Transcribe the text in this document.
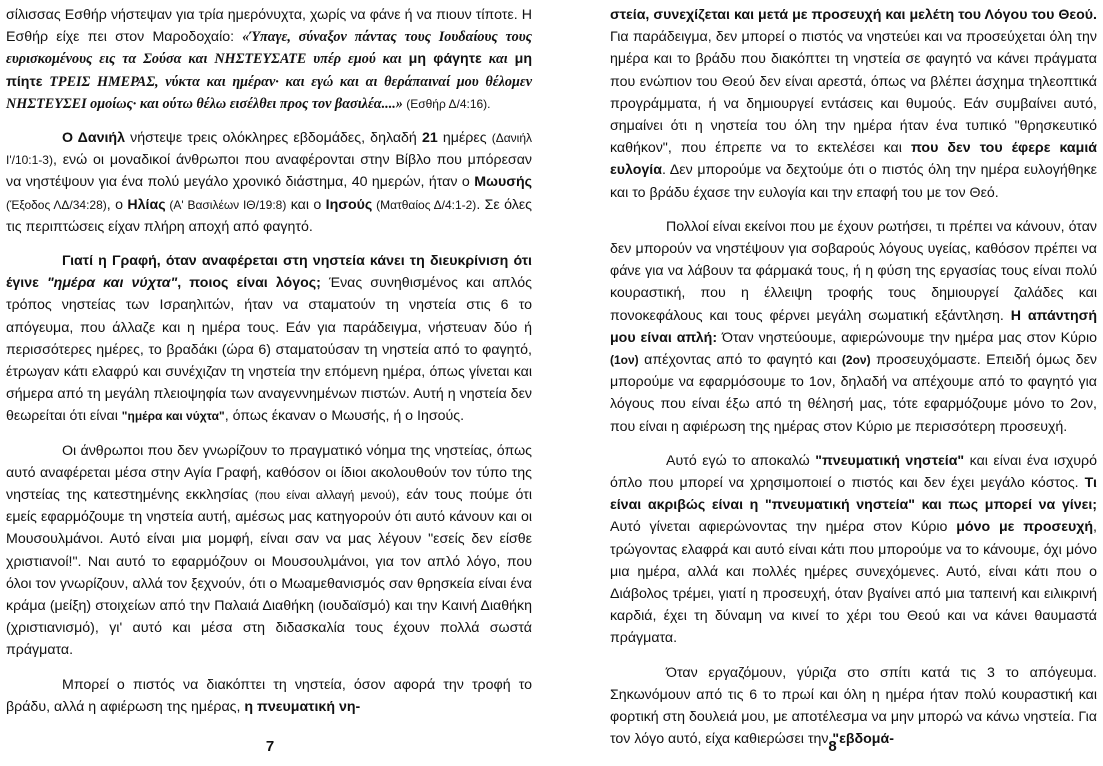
σίλισσας Εσθήρ νήστεψαν για τρία ημερόνυχτα, χωρίς να φάνε ή να πιουν τίποτε. Η Εσθήρ είχε πει στον Μαροδοχαίο: «Ύπαγε, σύναξον πάντας τους Ιουδαίους τους ευρισκομένους εις τα Σούσα και ΝΗΣΤΕΥΣΑΤΕ υπέρ εμού και μη φάγητε και μη πίητε ΤΡΕΙΣ ΗΜΕΡΑΣ, νύκτα και ημέραν· και εγώ και αι θεράπαιναί μου θέλομεν ΝΗΣΤΕΥΣΕΙ ομοίως· και ούτω θέλω εισέλθει προς τον βασιλέα....» (Εσθήρ Δ/4:16).

Ο Δανιήλ νήστεψε τρεις ολόκληρες εβδομάδες, δηλαδή 21 ημέρες (Δανιήλ Ι'/10:1-3), ενώ οι μοναδικοί άνθρωποι που αναφέρονται στην Βίβλο που μπόρεσαν να νηστέψουν για ένα πολύ μεγάλο χρονικό διάστημα, 40 ημερών, ήταν ο Μωυσής (Έξοδος ΛΔ/34:28), ο Ηλίας (Α' Βασιλέων ΙΘ/19:8) και ο Ιησούς (Ματθαίος Δ/4:1-2). Σε όλες τις περιπτώσεις είχαν πλήρη αποχή από φαγητό.

Γιατί η Γραφή, όταν αναφέρεται στη νηστεία κάνει τη διευκρίνιση ότι έγινε "ημέρα και νύχτα", ποιος είναι λόγος; Ένας συνηθισμένος και απλός τρόπος νηστείας των Ισραηλιτών, ήταν να σταματούν τη νηστεία στις 6 το απόγευμα, που άλλαζε και η ημέρα τους. Εάν για παράδειγμα, νήστευαν δύο ή περισσότερες ημέρες, το βραδάκι (ώρα 6) σταματούσαν τη νηστεία από το φαγητό, έτρωγαν κάτι ελαφρύ και συνέχιζαν τη νηστεία την επόμενη ημέρα, όπως γίνεται και σήμερα από τη μεγάλη πλειοψηφία των αναγεννημένων πιστών. Αυτή η νηστεία δεν θεωρείται ότι είναι "ημέρα και νύχτα", όπως έκαναν ο Μωυσής, ή ο Ιησούς.

Οι άνθρωποι που δεν γνωρίζουν το πραγματικό νόημα της νηστείας, όπως αυτό αναφέρεται μέσα στην Αγία Γραφή, καθόσον οι ίδιοι ακολουθούν τον τύπο της νηστείας της κατεστημένης εκκλησίας (που είναι αλλαγή μενού), εάν τους πούμε ότι εμείς εφαρμόζουμε τη νηστεία αυτή, αμέσως μας κατηγορούν ότι αυτό κάνουν και οι Μουσουλμάνοι. Αυτό είναι μια μομφή, είναι σαν να μας λέγουν "εσείς δεν είσθε χριστιανοί!". Ναι αυτό το εφαρμόζουν οι Μουσουλμάνοι, για τον απλό λόγο, που όλοι τον γνωρίζουν, αλλά τον ξεχνούν, ότι ο Μωαμεθανισμός σαν θρησκεία είναι ένα κράμα (μείξη) στοιχείων από την Παλαιά Διαθήκη (ιουδαϊσμό) και την Καινή Διαθήκη (χριστιανισμό), γι' αυτό και μέσα στη διδασκαλία τους έχουν πολλά σωστά πράγματα.

Μπορεί ο πιστός να διακόπτει τη νηστεία, όσον αφορά την τροφή το βράδυ, αλλά η αφιέρωση της ημέρας, η πνευματική νη-

7

στεία, συνεχίζεται και μετά με προσευχή και μελέτη του Λόγου του Θεού. Για παράδειγμα, δεν μπορεί ο πιστός να νηστεύει και να προσεύχεται όλη την ημέρα και το βράδυ που διακόπτει τη νηστεία σε φαγητό να κάνει πράγματα που ενώπιον του Θεού δεν είναι αρεστά, όπως να βλέπει άσχημα τηλεοπτικά προγράμματα, ή να δημιουργεί εντάσεις και θυμούς. Εάν συμβαίνει αυτό, σημαίνει ότι η νηστεία του όλη την ημέρα ήταν ένα τυπικό "θρησκευτικό καθήκον", που έπρεπε να το εκτελέσει και που δεν του έφερε καμιά ευλογία. Δεν μπορούμε να δεχτούμε ότι ο πιστός όλη την ημέρα ευλογήθηκε και το βράδυ έχασε την ευλογία και την επαφή του με τον Θεό.

Πολλοί είναι εκείνοι που με έχουν ρωτήσει, τι πρέπει να κάνουν, όταν δεν μπορούν να νηστέψουν για σοβαρούς λόγους υγείας, καθόσον πρέπει να φάνε για να λάβουν τα φάρμακά τους, ή η φύση της εργασίας τους είναι πολύ κουραστική, που η έλλειψη τροφής τους δημιουργεί ζαλάδες και πονοκεφάλους και τους φέρνει μεγάλη σωματική εξάντληση. Η απάντησή μου είναι απλή: Όταν νηστεύουμε, αφιερώνουμε την ημέρα μας στον Κύριο (1ον) απέχοντας από το φαγητό και (2ον) προσευχόμαστε. Επειδή όμως δεν μπορούμε να εφαρμόσουμε το 1ον, δηλαδή να απέχουμε από το φαγητό για λόγους που είναι έξω από τη θέλησή μας, τότε εφαρμόζουμε μόνο το 2ον, που είναι η αφιέρωση της ημέρας στον Κύριο με περισσότερη προσευχή.

Αυτό εγώ το αποκαλώ "πνευματική νηστεία" και είναι ένα ισχυρό όπλο που μπορεί να χρησιμοποιεί ο πιστός και δεν έχει μεγάλο κόστος. Τι είναι ακριβώς είναι η "πνευματική νηστεία" και πως μπορεί να γίνει; Αυτό γίνεται αφιερώνοντας την ημέρα στον Κύριο μόνο με προσευχή, τρώγοντας ελαφρά και αυτό είναι κάτι που μπορούμε να το κάνουμε, όχι μόνο μια ημέρα, αλλά και πολλές ημέρες συνεχόμενες. Αυτό, είναι κάτι που ο Διάβολος τρέμει, γιατί η προσευχή, όταν βγαίνει από μια ταπεινή και ειλικρινή καρδιά, έχει τη δύναμη να κινεί το χέρι του Θεού και να κάνει θαυμαστά πράγματα.

Όταν εργαζόμουν, γύριζα στο σπίτι κατά τις 3 το απόγευμα. Σηκωνόμουν από τις 6 το πρωί και όλη η ημέρα ήταν πολύ κουραστική και φορτική στη δουλειά μου, με αποτέλεσμα να μην μπορώ να κάνω νηστεία. Για τον λόγο αυτό, είχα καθιερώσει την "εβδομά-

8
